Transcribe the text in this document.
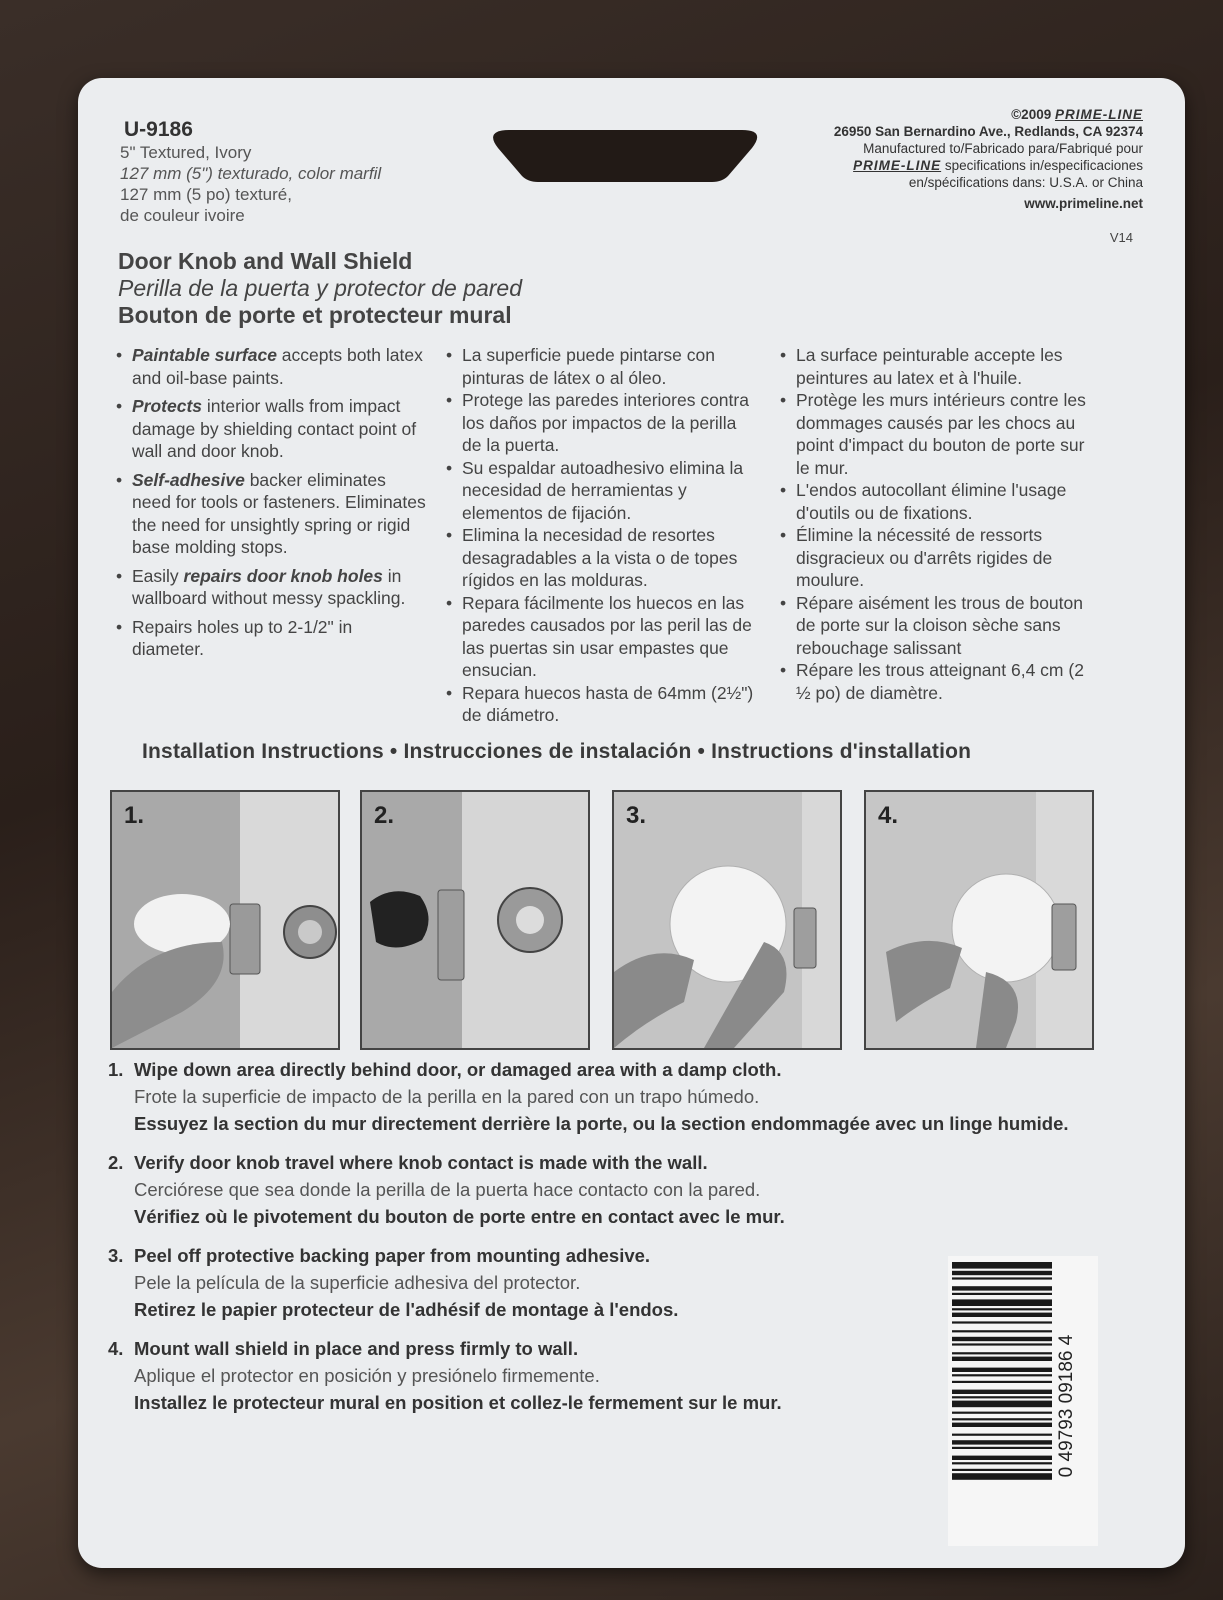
U-9186
5" Textured, Ivory
127 mm (5") texturado, color marfil
127 mm (5 po) texturé,
de couleur ivoire
©2009 PRIME-LINE
26950 San Bernardino Ave., Redlands, CA 92374
Manufactured to/Fabricado para/Fabriqué pour
PRIME-LINE specifications in/especificaciones
en/spécifications dans: U.S.A. or China
www.primeline.net
V14

Door Knob and Wall Shield

Perilla de la puerta y protector de pared

Bouton de porte et protecteur mural

• Paintable surface accepts both latex and oil-base paints.
• Protects interior walls from impact damage by shielding contact point of wall and door knob.
• Self-adhesive backer eliminates need for tools or fasteners. Eliminates the need for unsightly spring or rigid base molding stops.
• Easily repairs door knob holes in wallboard without messy spackling.
• Repairs holes up to 2-1/2" in diameter.
• La superficie puede pintarse con pinturas de látex o al óleo.
• Protege las paredes interiores contra los daños por impactos de la perilla de la puerta.
• Su espaldar autoadhesivo elimina la necesidad de herramientas y elementos de fijación.
• Elimina la necesidad de resortes desagradables a la vista o de topes rígidos en las molduras.
• Repara fácilmente los huecos en las paredes causados por las peril las de las puertas sin usar empastes que ensucian.
• Repara huecos hasta de 64mm (2½") de diámetro.
• La surface peinturable accepte les peintures au latex et à l'huile.
• Protège les murs intérieurs contre les dommages causés par les chocs au point d'impact du bouton de porte sur le mur.
• L'endos autocollant élimine l'usage d'outils ou de fixations.
• Élimine la nécessité de ressorts disgracieux ou d'arrêts rigides de moulure.
• Répare aisément les trous de bouton de porte sur la cloison sèche sans rebouchage salissant
• Répare les trous atteignant 6,4 cm (2 ½ po) de diamètre.
Installation Instructions • Instrucciones de instalación • Instructions d'installation
1.	2.	3.	4.
1. Wipe down area directly behind door, or damaged area with a damp cloth.
Frote la superficie de impacto de la perilla en la pared con un trapo húmedo.
Essuyez la section du mur directement derrière la porte, ou la section endommagée avec un linge humide.
2. Verify door knob travel where knob contact is made with the wall.
Cerciórese que sea donde la perilla de la puerta hace contacto con la pared.
Vérifiez où le pivotement du bouton de porte entre en contact avec le mur.
3. Peel off protective backing paper from mounting adhesive.
Pele la película de la superficie adhesiva del protector.
Retirez le papier protecteur de l'adhésif de montage à l'endos.
4. Mount wall shield in place and press firmly to wall.
Aplique el protector en posición y presiónelo firmemente.
Installez le protecteur mural en position et collez-le fermement sur le mur.	0 49793 09186 4
